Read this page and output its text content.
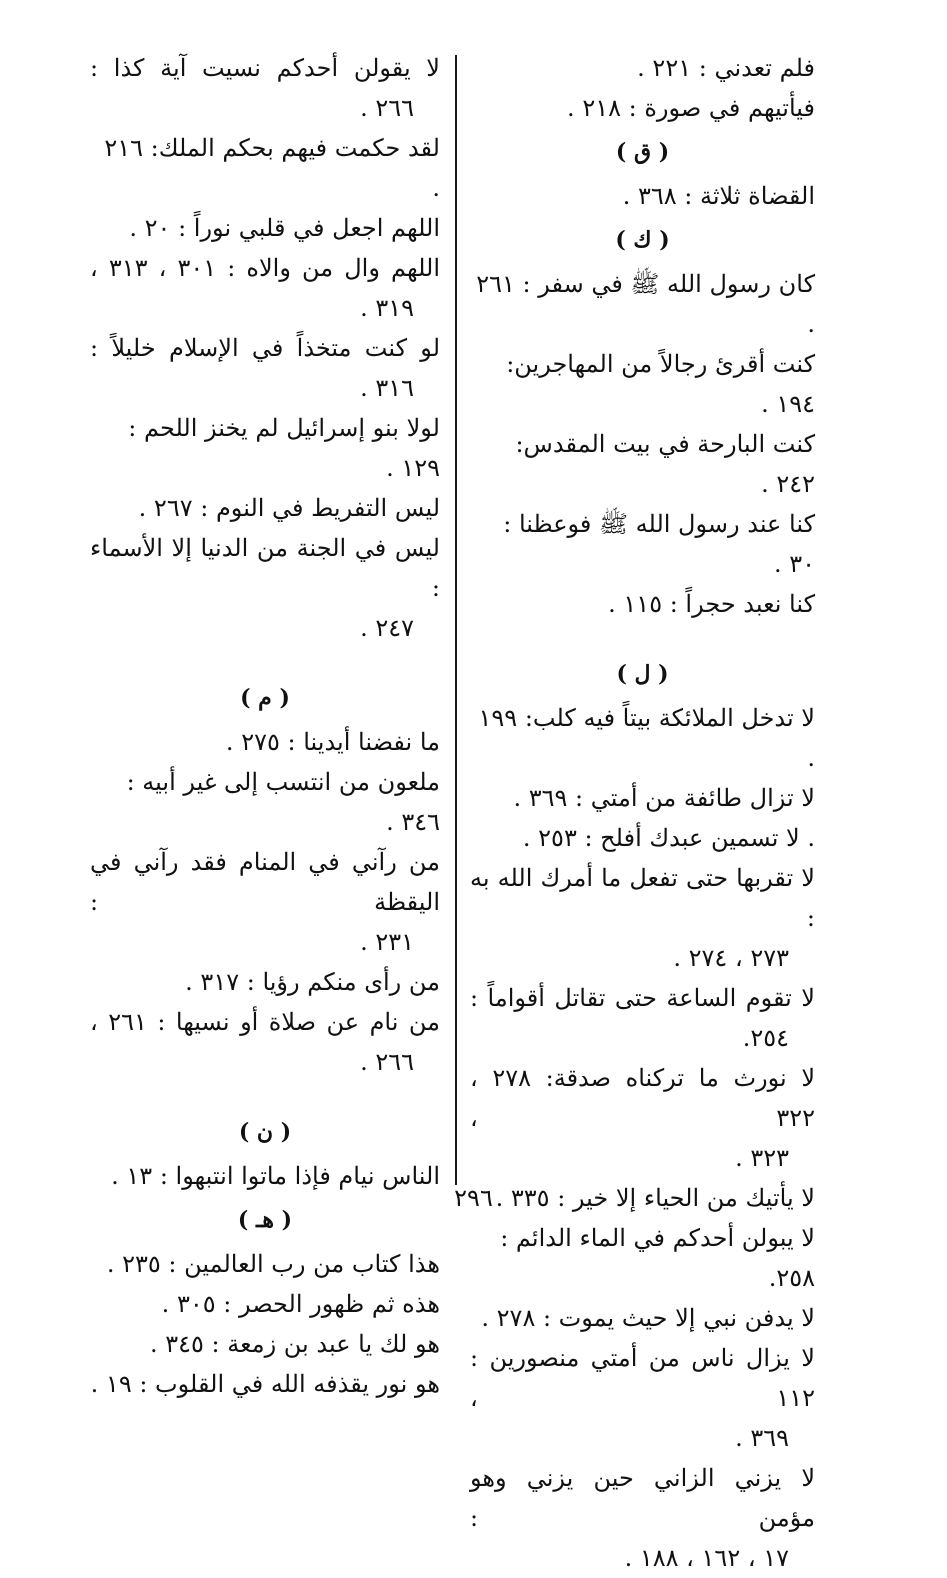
فلم تعدني : ٢٢١ .
فيأتيهم في صورة : ٢١٨ .
( ق )
القضاة ثلاثة : ٣٦٨ .
( ك )
كان رسول الله ﷺ في سفر : ٢٦١ .
كنت أقرئ رجالاً من المهاجرين: ١٩٤ .
كنت البارحة في بيت المقدس: ٢٤٢ .
كنا عند رسول الله ﷺ فوعظنا : ٣٠ .
كنا نعبد حجراً : ١١٥ .
( ل )
لا تدخل الملائكة بيتاً فيه كلب: ١٩٩ .
لا تزال طائفة من أمتي : ٣٦٩ .
. لا تسمين عبدك أفلح : ٢٥٣ .
لا تقربها حتى تفعل ما أمرك الله به :
٢٧٣ ، ٢٧٤ .
لا تقوم الساعة حتى تقاتل أقواماً :
٢٥٤.
لا نورث ما تركناه صدقة: ٢٧٨ ، ٣٢٢ ،
٣٢٣ .
لا يأتيك من الحياء إلا خير : ٣٣٥ .
لا يبولن أحدكم في الماء الدائم : ٢٥٨.
لا يدفن نبي إلا حيث يموت : ٢٧٨ .
لا يزال ناس من أمتي منصورين : ١١٢ ،
٣٦٩ .
لا يزني الزاني حين يزني وهو مؤمن :
١٧ ، ١٦٢ ، ١٨٨ .
لا يقولن أحدكم نسيت آية كذا :
٢٦٦ .
لقد حكمت فيهم بحكم الملك: ٢١٦ .
اللهم اجعل في قلبي نوراً : ٢٠ .
اللهم وال من والاه : ٣٠١ ، ٣١٣ ،
٣١٩ .
لو كنت متخذاً في الإسلام خليلاً :
٣١٦ .
لولا بنو إسرائيل لم يخنز اللحم : ١٢٩ .
ليس التفريط في النوم : ٢٦٧ .
ليس في الجنة من الدنيا إلا الأسماء :
٢٤٧ .
( م )
ما نفضنا أيدينا : ٢٧٥ .
ملعون من انتسب إلى غير أبيه : ٣٤٦ .
من رآني في المنام فقد رآني في اليقظة :
٢٣١ .
من رأى منكم رؤيا : ٣١٧ .
من نام عن صلاة أو نسيها : ٢٦١ ،
٢٦٦ .
( ن )
الناس نيام فإذا ماتوا انتبهوا : ١٣ .
( هـ )
هذا كتاب من رب العالمين : ٢٣٥ .
هذه ثم ظهور الحصر : ٣٠٥ .
هو لك يا عبد بن زمعة : ٣٤٥ .
هو نور يقذفه الله في القلوب : ١٩ .
٢٩٦
